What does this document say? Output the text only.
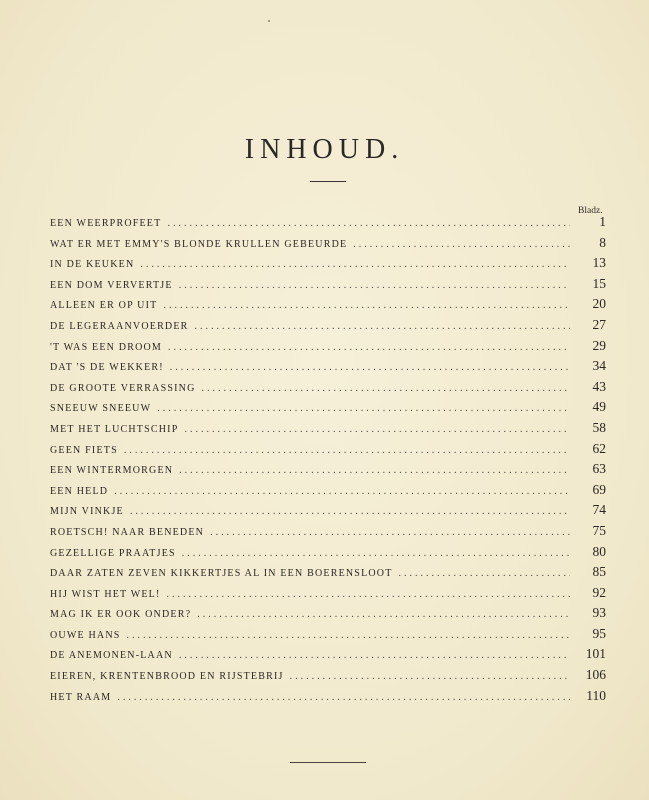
INHOUD.
Bladz.
EEN WEERPROFEET .....	1
WAT ER MET EMMY'S BLONDE KRULLEN GEBEURDE .....	8
IN DE KEUKEN .....	13
EEN DOM VERVERTJE .....	15
ALLEEN ER OP UIT .....	20
DE LEGERAANVOERDER .....	27
'T WAS EEN DROOM .....	29
DAT 'S DE WEKKER! .....	34
DE GROOTE VERRASSING .....	43
SNEEUW SNEEUW .....	49
MET HET LUCHTSCHIP .....	58
GEEN FIETS .....	62
EEN WINTERMORGEN .....	63
EEN HELD .....	69
MIJN VINKJE .....	74
ROETSCH! NAAR BENEDEN .....	75
GEZELLIGE PRAATJES .....	80
DAAR ZATEN ZEVEN KIKKERTJES AL IN EEN BOERENSLOOT .....	85
HIJ WIST HET WEL! .....	92
MAG IK ER OOK ONDER? .....	93
OUWE HANS .....	95
DE ANEMONEN-LAAN .....	101
EIEREN, KRENTENBROOD EN RIJSTEBRIJ .....	106
HET RAAM .....	110
